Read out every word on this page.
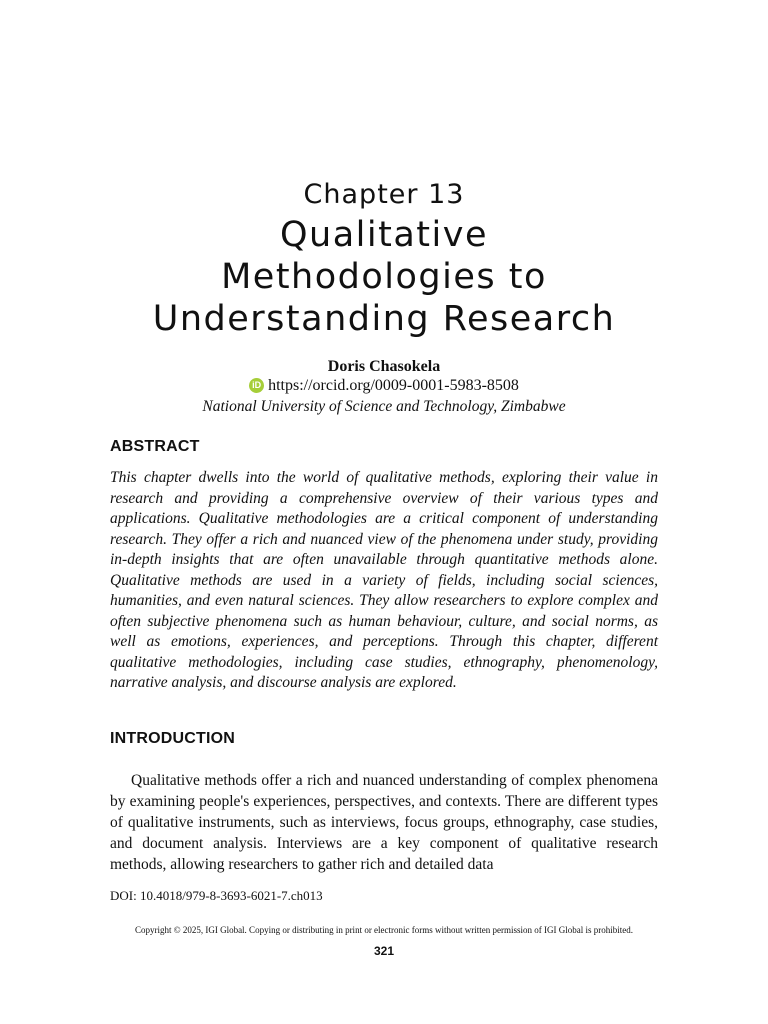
Chapter 13
Qualitative
Methodologies to
Understanding Research
Doris Chasokela
iD https://orcid.org/0009-0001-5983-8508
National University of Science and Technology, Zimbabwe
ABSTRACT

This chapter dwells into the world of qualitative methods, exploring their value in research and providing a comprehensive overview of their various types and applications. Qualitative methodologies are a critical component of understanding research. They offer a rich and nuanced view of the phenomena under study, providing in-depth insights that are often unavailable through quantitative methods alone. Qualitative methods are used in a variety of fields, including social sciences, humanities, and even natural sciences. They allow researchers to explore complex and often subjective phenomena such as human behaviour, culture, and social norms, as well as emotions, experiences, and perceptions. Through this chapter, different qualitative methodologies, including case studies, ethnography, phenomenology, narrative analysis, and discourse analysis are explored.

INTRODUCTION

Qualitative methods offer a rich and nuanced understanding of complex phenomena by examining people's experiences, perspectives, and contexts. There are different types of qualitative instruments, such as interviews, focus groups, ethnography, case studies, and document analysis. Interviews are a key component of qualitative research methods, allowing researchers to gather rich and detailed data

DOI: 10.4018/979-8-3693-6021-7.ch013
Copyright © 2025, IGI Global. Copying or distributing in print or electronic forms without written permission of IGI Global is prohibited.
321
